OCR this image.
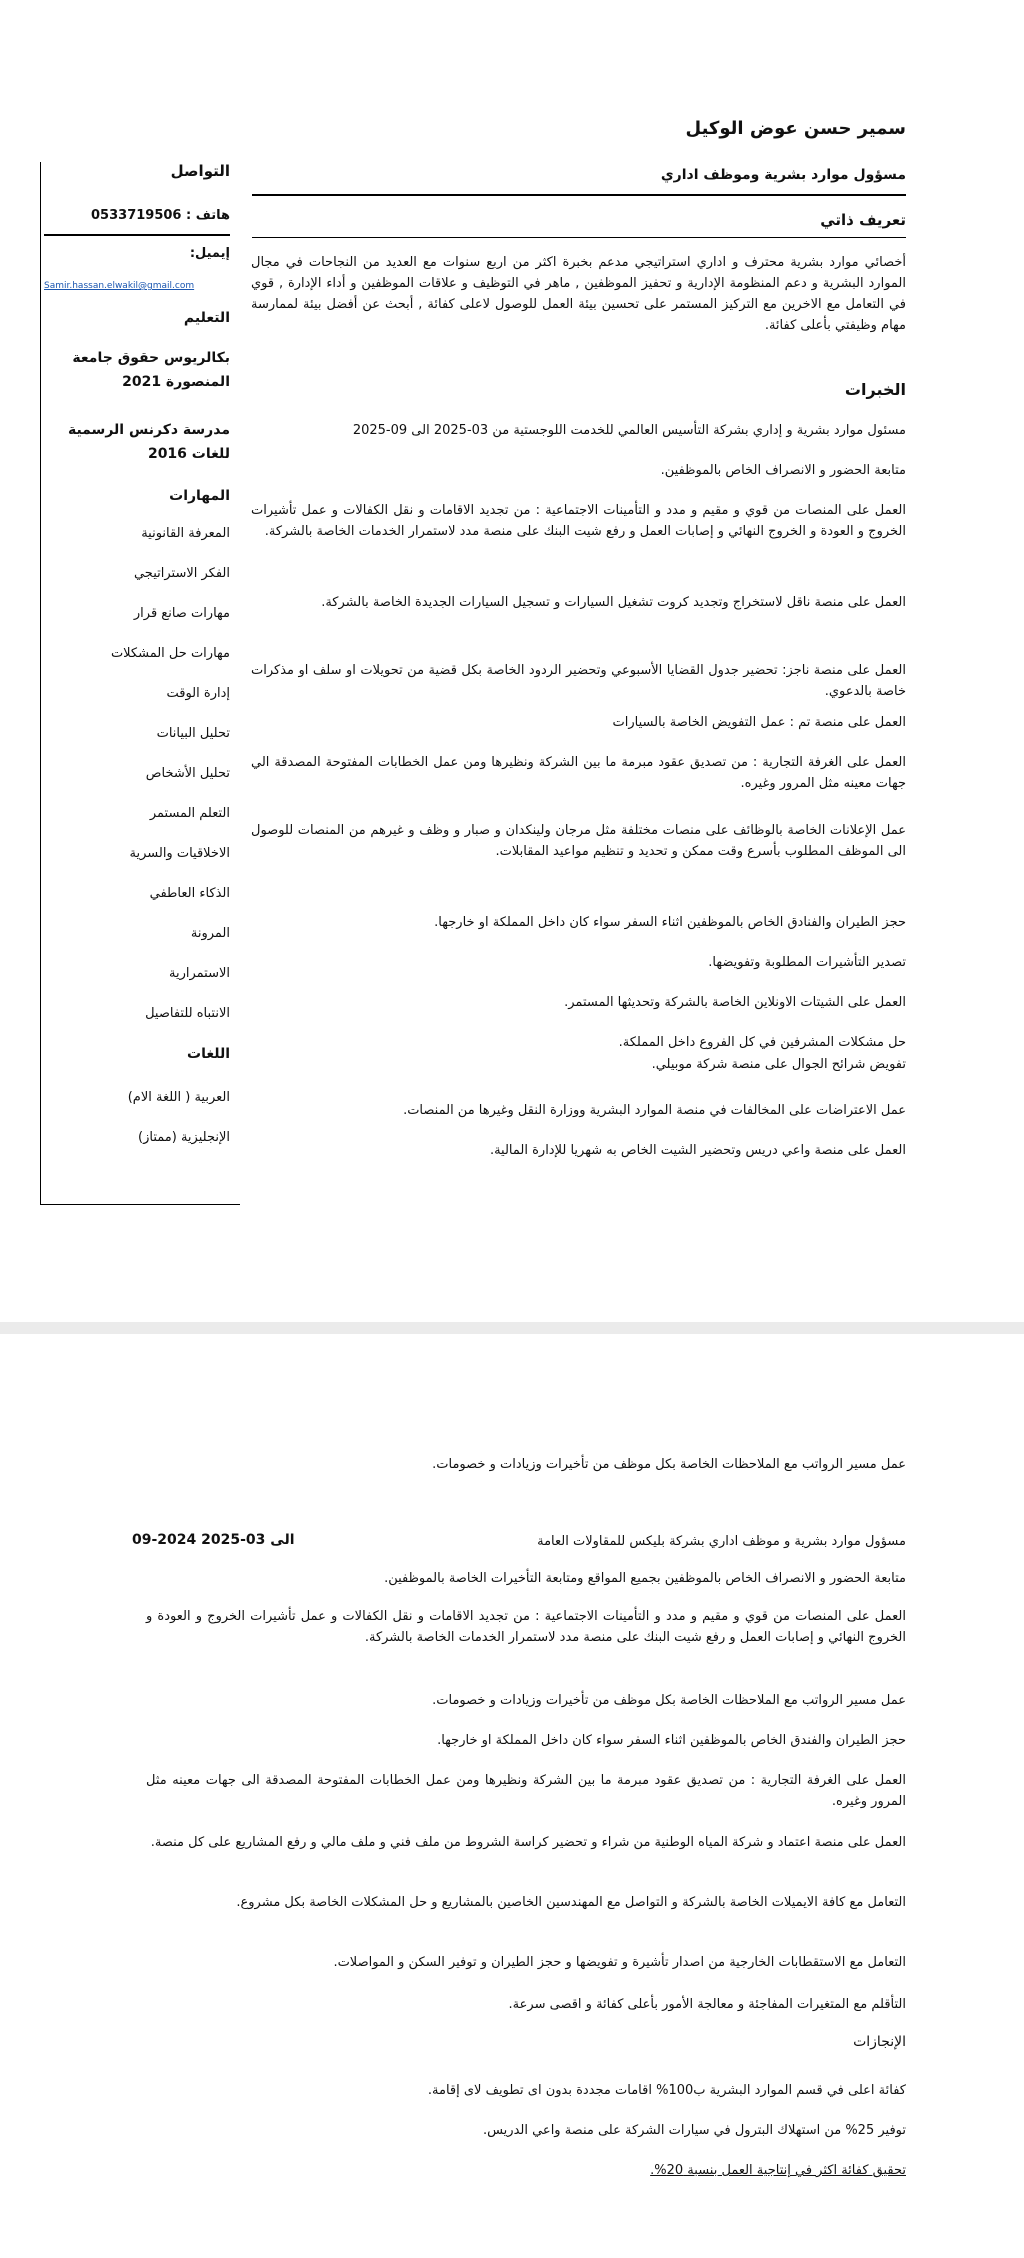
سمير حسن عوض الوكيل
مسؤول موارد بشرية وموظف اداري
تعريف ذاتي
أخصائي موارد بشرية محترف و اداري استراتيجي مدعم بخبرة اكثر من اربع سنوات مع العديد من النجاحات في مجال الموارد البشرية و دعم المنظومة الإدارية و تحفيز الموظفين , ماهر في التوظيف و علاقات الموظفين و أداء الإدارة , قوي في التعامل مع الاخرين مع التركيز المستمر على تحسين بيئة العمل للوصول لاعلى كفائة , أبحث عن أفضل بيئة لممارسة مهام وظيفتي بأعلى كفائة.
الخبرات
مسئول موارد بشرية و إداري بشركة التأسيس العالمي للخدمت اللوجستية من 03-2025 الى 09-2025
متابعة الحضور و الانصراف الخاص بالموظفين.
العمل على المنصات من قوي و مقيم و مدد و التأمينات الاجتماعية : من تجديد الاقامات و نقل الكفالات و عمل تأشيرات الخروج و العودة و الخروج النهائي و إصابات العمل و رفع شيت البنك على منصة مدد لاستمرار الخدمات الخاصة بالشركة.
العمل على منصة ناقل لاستخراج وتجديد كروت تشغيل السيارات و تسجيل السيارات الجديدة الخاصة بالشركة.
العمل على منصة ناجز: تحضير جدول القضايا الأسبوعي وتحضير الردود الخاصة بكل قضية من تحويلات او سلف او مذكرات خاصة بالدعوي.
العمل على منصة تم : عمل التفويض الخاصة بالسيارات
العمل على الغرفة التجارية : من تصديق عقود مبرمة ما بين الشركة ونظيرها ومن عمل الخطابات المفتوحة المصدقة الي جهات معينه مثل المرور وغيره.
عمل الإعلانات الخاصة بالوظائف على منصات مختلفة مثل مرجان ولينكدان و صبار و وظف و غيرهم من المنصات للوصول الى الموظف المطلوب بأسرع وقت ممكن و تحديد و تنظيم مواعيد المقابلات.
حجز الطيران والفنادق الخاص بالموظفين اثناء السفر سواء كان داخل المملكة او خارجها.
تصدير التأشيرات المطلوبة وتفويضها.
العمل على الشيتات الاونلاين الخاصة بالشركة وتحديثها المستمر.
حل مشكلات المشرفين في كل الفروع داخل المملكة.
تفويض شرائح الجوال على منصة شركة موبيلي.
عمل الاعتراضات على المخالفات في منصة الموارد البشرية ووزارة النقل وغيرها من المنصات.
العمل على منصة واعي دريس وتحضير الشيت الخاص به شهريا للإدارة المالية.
التواصل
هاتف : 0533719506
إيميل:
Samir.hassan.elwakil@gmail.com
التعليم
بكالريوس حقوق جامعة المنصورة 2021
مدرسة دكرنس الرسمية للغات 2016
المهارات
المعرفة القانونية
الفكر الاستراتيجي
مهارات صانع قرار
مهارات حل المشكلات
إدارة الوقت
تحليل البيانات
تحليل الأشخاص
التعلم المستمر
الاخلاقيات والسرية
الذكاء العاطفي
المرونة
الاستمرارية
الانتباه للتفاصيل
اللغات
العربية ( اللغة الام)
الإنجليزية (ممتاز)
عمل مسير الرواتب مع الملاحظات الخاصة بكل موظف من تأخيرات وزيادات و خصومات.
مسؤول موارد بشرية و موظف اداري بشركة بليكس للمقاولات العامة
09-2024 الى 03-2025
متابعة الحضور و الانصراف الخاص بالموظفين بجميع المواقع ومتابعة التأخيرات الخاصة بالموظفين.
العمل على المنصات من قوي و مقيم و مدد و التأمينات الاجتماعية : من تجديد الاقامات و نقل الكفالات و عمل تأشيرات الخروج و العودة و الخروج النهائي و إصابات العمل و رفع شيت البنك على منصة مدد لاستمرار الخدمات الخاصة بالشركة.
عمل مسير الرواتب مع الملاحظات الخاصة بكل موظف من تأخيرات وزيادات و خصومات.
حجز الطيران والفندق الخاص بالموظفين اثناء السفر سواء كان داخل المملكة او خارجها.
العمل على الغرفة التجارية : من تصديق عقود مبرمة ما بين الشركة ونظيرها ومن عمل الخطابات المفتوحة المصدقة الى جهات معينه مثل المرور وغيره.
العمل على منصة اعتماد و شركة المياه الوطنية من شراء و تحضير كراسة الشروط من ملف فني و ملف مالي و رفع المشاريع على كل منصة.
التعامل مع كافة الايميلات الخاصة بالشركة و التواصل مع المهندسين الخاصين بالمشاريع و حل المشكلات الخاصة بكل مشروع.
التعامل مع الاستقطابات الخارجية من اصدار تأشيرة و تفويضها و حجز الطيران و توفير السكن و المواصلات.
التأقلم مع المتغيرات المفاجئة و معالجة الأمور بأعلى كفائة و اقصى سرعة.
الإنجازات
كفائة اعلى في قسم الموارد البشرية ب100% اقامات مجددة بدون اى تطويف لاى إقامة.
توفير 25% من استهلاك البترول في سيارات الشركة على منصة واعي الدريس.
تحقيق كفائة اكثر في إنتاجية العمل بنسبة 20%.
